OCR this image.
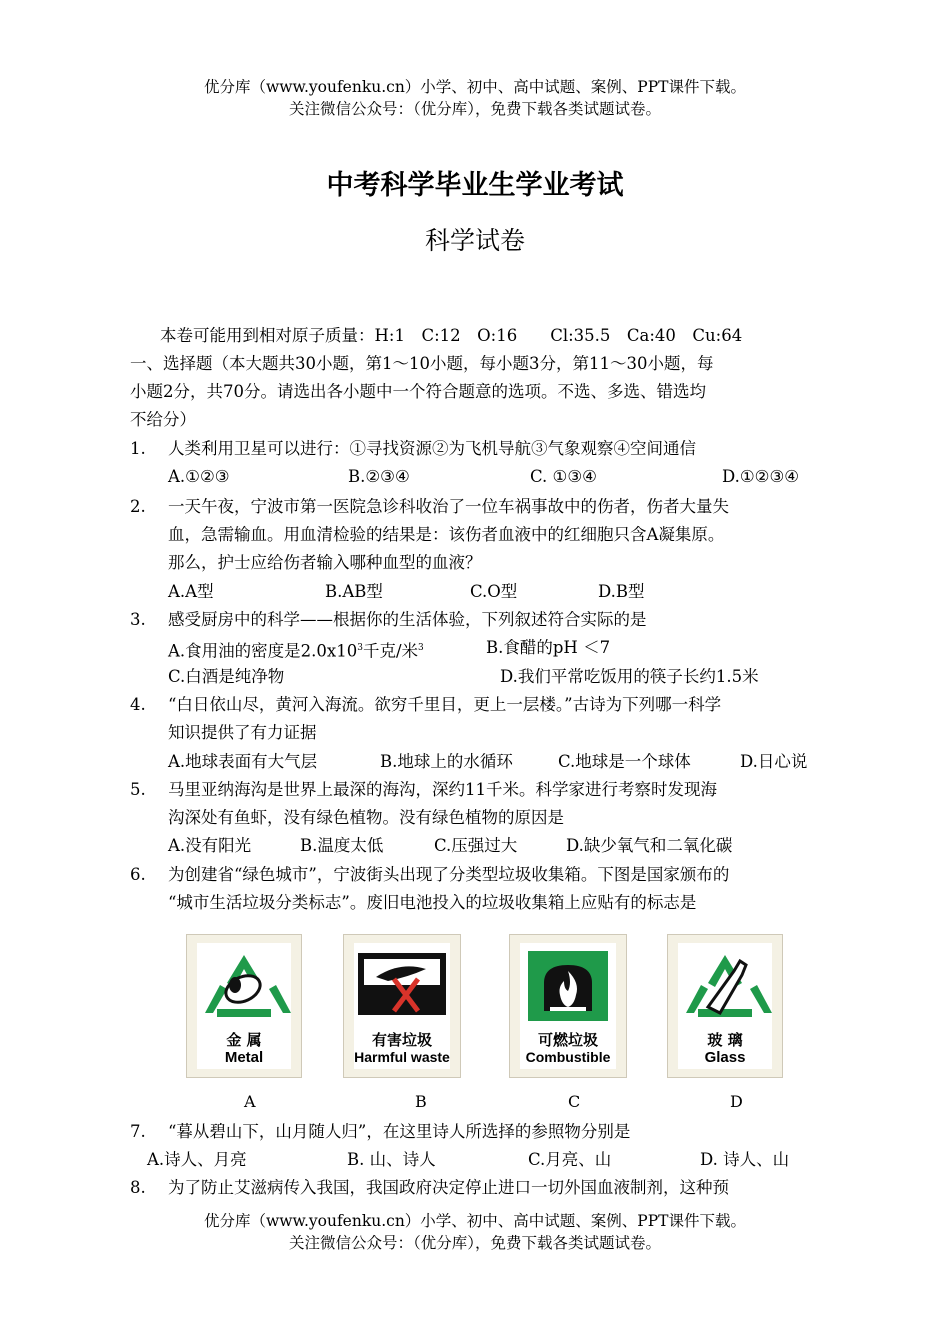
优分库（www.youfenku.cn）小学、初中、高中试题、案例、PPT课件下载。
关注微信公众号：（优分库），免费下载各类试题试卷。
中考科学毕业生学业考试
科学试卷
本卷可能用到相对原子质量：H:1　C:12　O:16　　Cl:35.5　Ca:40　Cu:64
一、选择题（本大题共30小题，第1～10小题，每小题3分，第11～30小题，每
小题2分，共70分。请选出各小题中一个符合题意的选项。不选、多选、错选均
不给分）
1. 人类利用卫星可以进行：①寻找资源②为飞机导航③气象观察④空间通信
A.①②③	B.②③④	C. ①③④	D.①②③④
2. 一天午夜，宁波市第一医院急诊科收治了一位车祸事故中的伤者，伤者大量失
血，急需输血。用血清检验的结果是：该伤者血液中的红细胞只含A凝集原。
那么，护士应给伤者输入哪种血型的血液？
A.A型	B.AB型	C.O型	D.B型
3. 感受厨房中的科学——根据你的生活体验，下列叙述符合实际的是
A.食用油的密度是$2.0x10^3$千克/米$^3$	B.食醋的pH ＜7
C.白酒是纯净物	D.我们平常吃饭用的筷子长约1.5米
4. “白日依山尽，黄河入海流。欲穷千里目，更上一层楼。”古诗为下列哪一科学
知识提供了有力证据
A.地球表面有大气层	B.地球上的水循环	C.地球是一个球体	D.日心说
5. 马里亚纳海沟是世界上最深的海沟，深约11千米。科学家进行考察时发现海
沟深处有鱼虾，没有绿色植物。没有绿色植物的原因是
A.没有阳光	B.温度太低	C.压强过大	D.缺少氧气和二氧化碳
6. 为创建省“绿色城市”，宁波街头出现了分类型垃圾收集箱。下图是国家颁布的
“城市生活垃圾分类标志”。废旧电池投入的垃圾收集箱上应贴有的标志是
金 属
Metal
有害垃圾
Harmful waste
可燃垃圾
Combustible
玻 璃
Glass
A	B	C	D
7. “暮从碧山下，山月随人归”，在这里诗人所选择的参照物分别是
A.诗人、月亮	B. 山、诗人	C.月亮、山	D. 诗人、山
8. 为了防止艾滋病传入我国，我国政府决定停止进口一切外国血液制剂，这种预
优分库（www.youfenku.cn）小学、初中、高中试题、案例、PPT课件下载。
关注微信公众号：（优分库），免费下载各类试题试卷。
